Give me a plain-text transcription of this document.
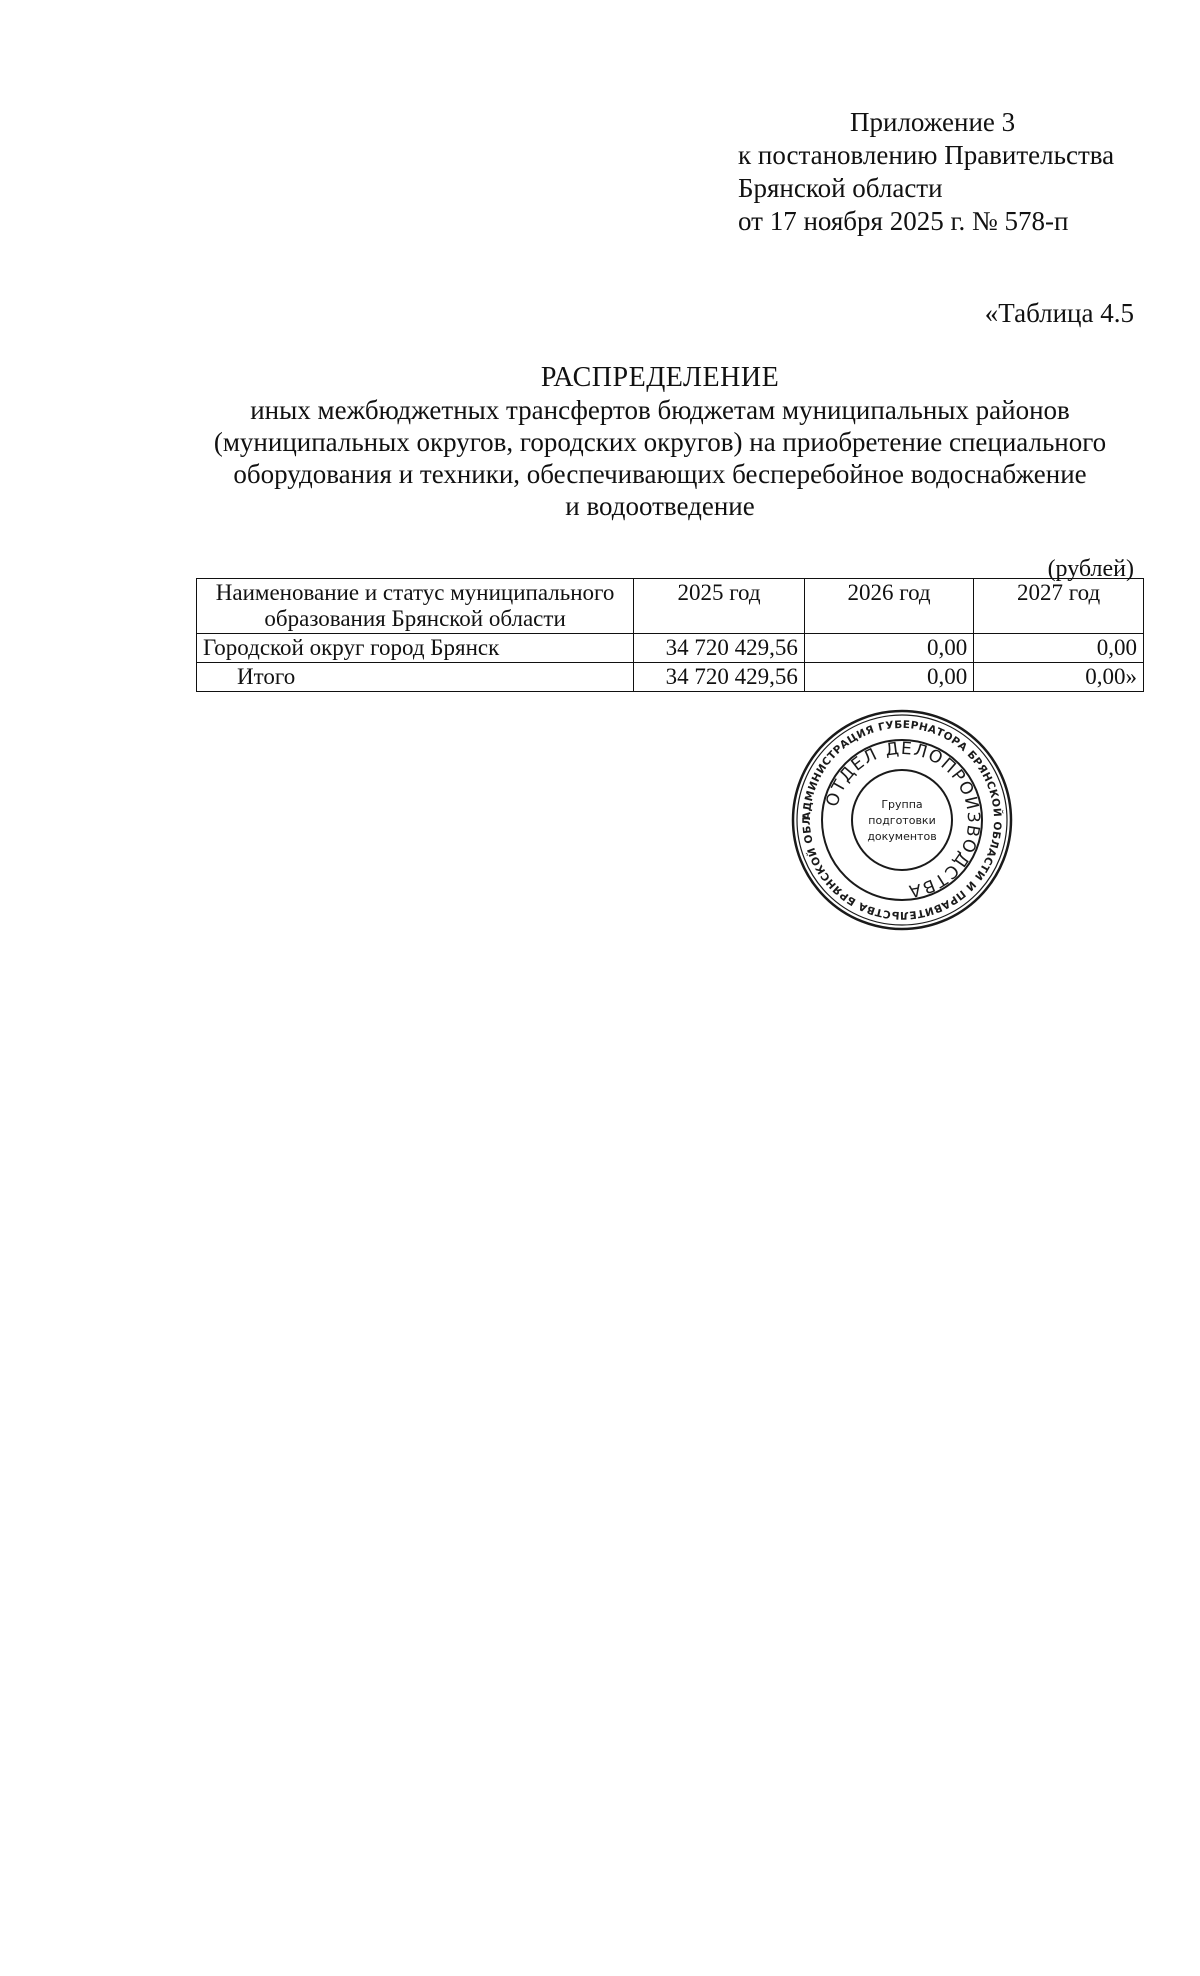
Приложение 3
к постановлению Правительства
Брянской области
от 17 ноября 2025 г. № 578-п
«Таблица 4.5
РАСПРЕДЕЛЕНИЕ
иных межбюджетных трансфертов бюджетам муниципальных районов
(муниципальных округов, городских округов) на приобретение специального
оборудования и техники, обеспечивающих бесперебойное водоснабжение
и водоотведение
(рублей)
Наименование и статус муниципального образования Брянской области	2025 год	2026 год	2027 год
Городской округ город Брянск	34 720 429,56	0,00	0,00
Итого	34 720 429,56	0,00	0,00»
АДМИНИСТРАЦИЯ ГУБЕРНАТОРА БРЯНСКОЙ ОБЛАСТИ И ПРАВИТЕЛЬСТВА БРЯНСКОЙ ОБЛ
ОТДЕЛ ДЕЛОПРОИЗВОДСТВА
Группа
подготовки
документов
